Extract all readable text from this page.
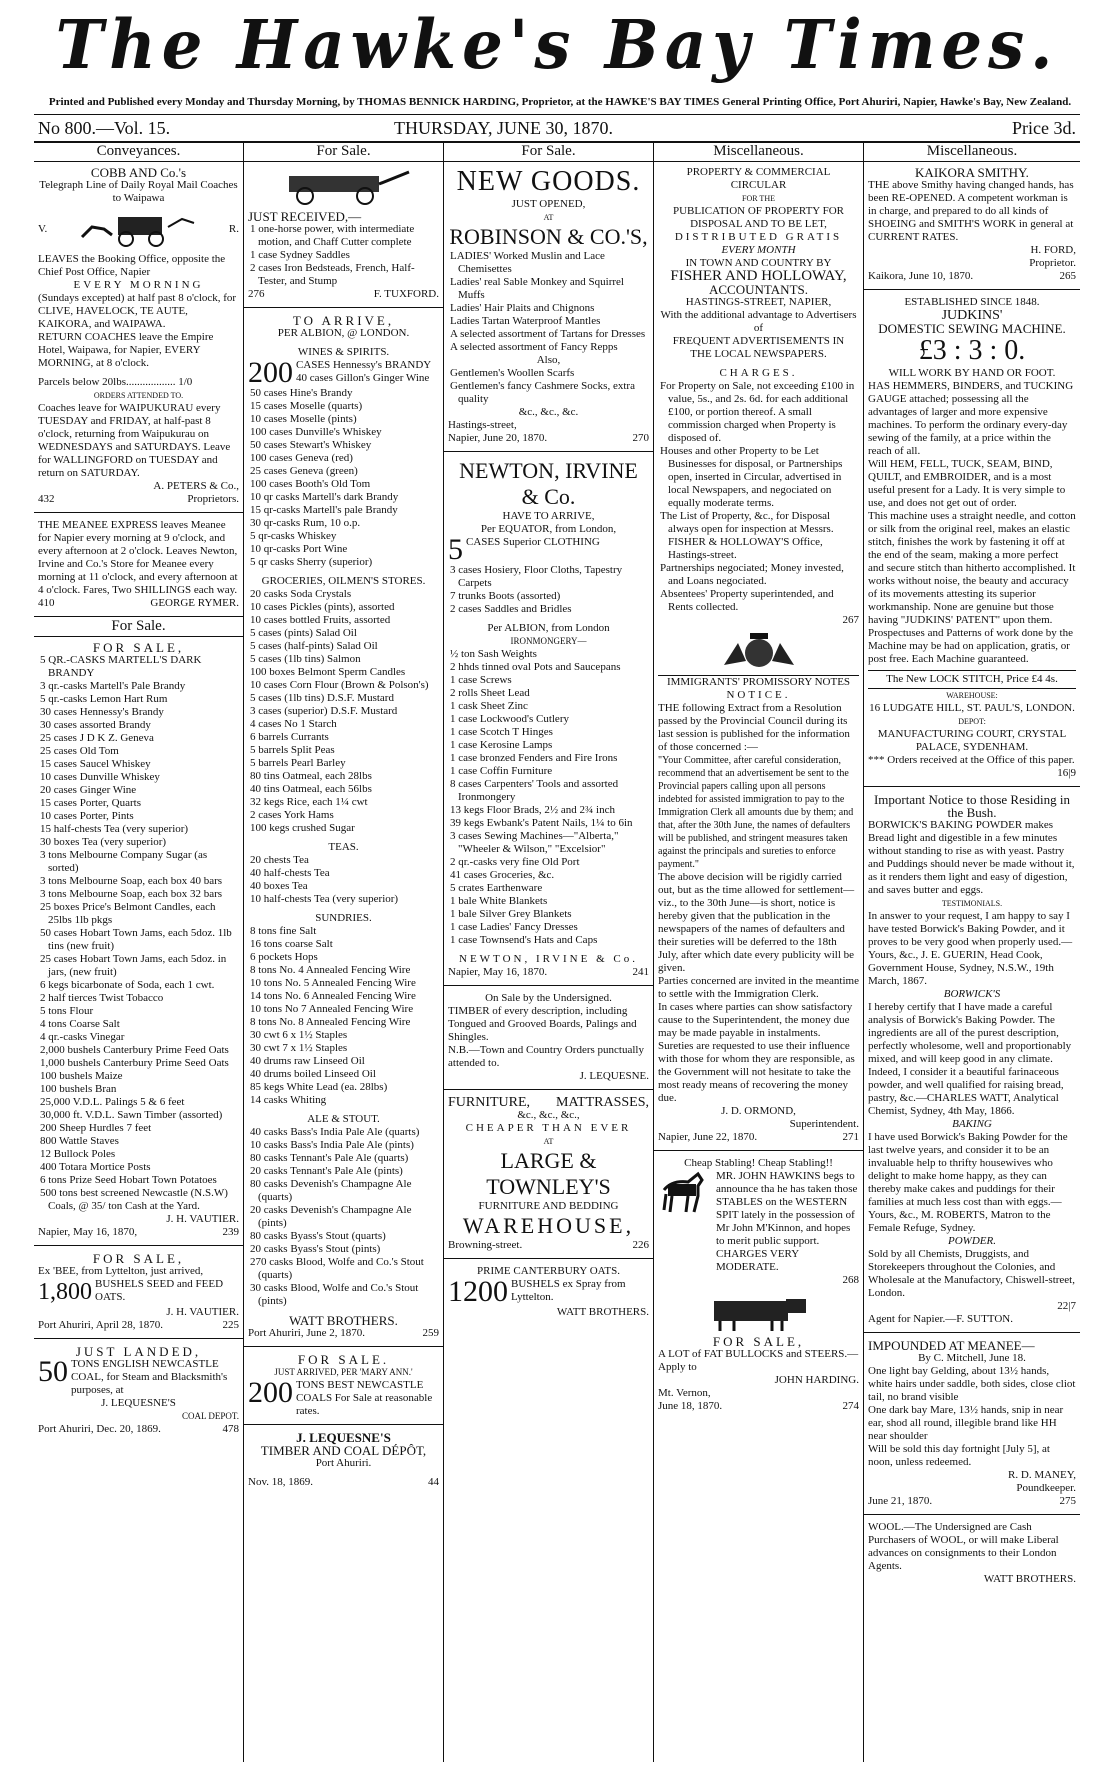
The Hawke's Bay Times.
Printed and Published every Monday and Thursday Morning, by THOMAS BENNICK HARDING, Proprietor, at the HAWKE'S BAY TIMES General Printing Office, Port Ahuriri, Napier, Hawke's Bay, New Zealand.
No 800.—Vol. 15.	THURSDAY, JUNE 30, 1870.	Price 3d.
Conveyances.
COBB AND Co.'s
Telegraph Line of Daily Royal Mail Coaches to Waipawa
V.	R.
LEAVES the Booking Office, opposite the Chief Post Office, Napier
EVERY MORNING
(Sundays excepted) at half past 8 o'clock, for CLIVE, HAVELOCK, TE AUTE, KAIKORA, and WAIPAWA.
RETURN COACHES leave the Empire Hotel, Waipawa, for Napier, EVERY MORNING, at 8 o'clock.
Parcels below 20lbs.................. 1/0
ORDERS ATTENDED TO.
Coaches leave for WAIPUKURAU every TUESDAY and FRIDAY, at half-past 8 o'clock, returning from Waipukurau on WEDNESDAYS and SATURDAYS. Leave for WALLINGFORD on TUESDAY and return on SATURDAY.
A. PETERS & Co.,
432	Proprietors.
THE MEANEE EXPRESS leaves Meanee for Napier every morning at 9 o'clock, and every afternoon at 2 o'clock. Leaves Newton, Irvine and Co.'s Store for Meanee every morning at 11 o'clock, and every afternoon at 4 o'clock. Fares, Two SHILLINGS each way.
410	GEORGE RYMER.
For Sale.
FOR SALE,
5 QR.-CASKS MARTELL'S DARK BRANDY
3 qr.-casks Martell's Pale Brandy
5 qr.-casks Lemon Hart Rum
30 cases Hennessy's Brandy
30 cases assorted Brandy
25 cases J D K Z. Geneva
25 cases Old Tom
15 cases Saucel Whiskey
10 cases Dunville Whiskey
20 cases Ginger Wine
15 cases Porter, Quarts
10 cases Porter, Pints
15 half-chests Tea (very superior)
30 boxes Tea (very superior)
3 tons Melbourne Company Sugar (as sorted)
3 tons Melbourne Soap, each box 40 bars
3 tons Melbourne Soap, each box 32 bars
25 boxes Price's Belmont Candles, each 25lbs 1lb pkgs
50 cases Hobart Town Jams, each 5doz. 1lb tins (new fruit)
25 cases Hobart Town Jams, each 5doz. in jars, (new fruit)
6 kegs bicarbonate of Soda, each 1 cwt.
2 half tierces Twist Tobacco
5 tons Flour
4 tons Coarse Salt
4 qr.-casks Vinegar
2,000 bushels Canterbury Prime Feed Oats
1,000 bushels Canterbury Prime Seed Oats
100 bushels Maize
100 bushels Bran
25,000 V.D.L. Palings 5 & 6 feet
30,000 ft. V.D.L. Sawn Timber (assorted)
200 Sheep Hurdles 7 feet
800 Wattle Staves
12 Bullock Poles
400 Totara Mortice Posts
6 tons Prize Seed Hobart Town Potatoes
500 tons best screened Newcastle (N.S.W) Coals, @ 35/ ton Cash at the Yard.
J. H. VAUTIER.
Napier, May 16, 1870,	239
FOR SALE,
Ex 'BEE, from Lyttelton, just arrived,
1,800 BUSHELS SEED and FEED OATS.
J. H. VAUTIER.
Port Ahuriri, April 28, 1870.	225
JUST LANDED,
50 TONS ENGLISH NEWCASTLE COAL, for Steam and Blacksmith's purposes, at
J. LEQUESNE'S
COAL DEPOT.
Port Ahuriri, Dec. 20, 1869.	478
For Sale.
JUST RECEIVED,—
1 one-horse power, with intermediate motion, and Chaff Cutter complete
1 case Sydney Saddles
2 cases Iron Bedsteads, French, Half-Tester, and Stump
276	F. TUXFORD.
TO ARRIVE,
PER ALBION, @ LONDON.
WINES & SPIRITS.
200 CASES Hennessy's BRANDY 40 cases Gillon's Ginger Wine
50 cases Hine's Brandy
15 cases Moselle (quarts)
10 cases Moselle (pints)
100 cases Dunville's Whiskey
50 cases Stewart's Whiskey
100 cases Geneva (red)
25 cases Geneva (green)
100 cases Booth's Old Tom
10 qr casks Martell's dark Brandy
15 qr-casks Martell's pale Brandy
30 qr-casks Rum, 10 o.p.
5 qr-casks Whiskey
10 qr-casks Port Wine
5 qr casks Sherry (superior)
GROCERIES, OILMEN'S STORES.
20 casks Soda Crystals
10 cases Pickles (pints), assorted
10 cases bottled Fruits, assorted
5 cases (pints) Salad Oil
5 cases (half-pints) Salad Oil
5 cases (1lb tins) Salmon
100 boxes Belmont Sperm Candles
10 cases Corn Flour (Brown & Polson's)
5 cases (1lb tins) D.S.F. Mustard
3 cases (superior) D.S.F. Mustard
4 cases No 1 Starch
6 barrels Currants
5 barrels Split Peas
5 barrels Pearl Barley
80 tins Oatmeal, each 28lbs
40 tins Oatmeal, each 56lbs
32 kegs Rice, each 1¼ cwt
2 cases York Hams
100 kegs crushed Sugar
TEAS.
20 chests Tea
40 half-chests Tea
40 boxes Tea
10 half-chests Tea (very superior)
SUNDRIES.
8 tons fine Salt
16 tons coarse Salt
6 pockets Hops
8 tons No. 4 Annealed Fencing Wire
10 tons No. 5 Annealed Fencing Wire
14 tons No. 6 Annealed Fencing Wire
10 tons No 7 Annealed Fencing Wire
8 tons No. 8 Annealed Fencing Wire
30 cwt 6 x 1½ Staples
30 cwt 7 x 1½ Staples
40 drums raw Linseed Oil
40 drums boiled Linseed Oil
85 kegs White Lead (ea. 28lbs)
14 casks Whiting
ALE & STOUT.
40 casks Bass's India Pale Ale (quarts)
10 casks Bass's India Pale Ale (pints)
80 casks Tennant's Pale Ale (quarts)
20 casks Tennant's Pale Ale (pints)
80 casks Devenish's Champagne Ale (quarts)
20 casks Devenish's Champagne Ale (pints)
80 casks Byass's Stout (quarts)
20 casks Byass's Stout (pints)
270 casks Blood, Wolfe and Co.'s Stout (quarts)
30 casks Blood, Wolfe and Co.'s Stout (pints)
WATT BROTHERS.
Port Ahuriri, June 2, 1870.	259
FOR SALE.
JUST ARRIVED, PER 'MARY ANN.'
200 TONS BEST NEWCASTLE COALS For Sale at reasonable rates.
J. LEQUESNE'S
TIMBER AND COAL DÉPÔT,
Port Ahuriri.
Nov. 18, 1869.	44
For Sale.
NEW GOODS.
JUST OPENED,
AT
ROBINSON & CO.'S,
LADIES' Worked Muslin and Lace Chemisettes
Ladies' real Sable Monkey and Squirrel Muffs
Ladies' Hair Plaits and Chignons
Ladies Tartan Waterproof Mantles
A selected assortment of Tartans for Dresses
A selected assortment of Fancy Repps
Also,
Gentlemen's Woollen Scarfs
Gentlemen's fancy Cashmere Socks, extra quality
&c., &c., &c.
Hastings-street,
Napier, June 20, 1870.	270
NEWTON, IRVINE & Co.
HAVE TO ARRIVE,
Per EQUATOR, from London,
5 CASES Superior CLOTHING
3 cases Hosiery, Floor Cloths, Tapestry Carpets
7 trunks Boots (assorted)
2 cases Saddles and Bridles
Per ALBION, from London
IRONMONGERY—
½ ton Sash Weights
2 hhds tinned oval Pots and Saucepans
1 case Screws
2 rolls Sheet Lead
1 cask Sheet Zinc
1 case Lockwood's Cutlery
1 case Scotch T Hinges
1 case Kerosine Lamps
1 case bronzed Fenders and Fire Irons
1 case Coffin Furniture
8 cases Carpenters' Tools and assorted Ironmongery
13 kegs Floor Brads, 2½ and 2¾ inch
39 kegs Ewbank's Patent Nails, 1¼ to 6in
3 cases Sewing Machines—"Alberta," "Wheeler & Wilson," "Excelsior"
2 qr.-casks very fine Old Port
41 cases Groceries, &c.
5 crates Earthenware
1 bale White Blankets
1 bale Silver Grey Blankets
1 case Ladies' Fancy Dresses
1 case Townsend's Hats and Caps
NEWTON, IRVINE & Co.
Napier, May 16, 1870.	241
On Sale by the Undersigned.
TIMBER of every description, including Tongued and Grooved Boards, Palings and Shingles.
N.B.—Town and Country Orders punctually attended to.
J. LEQUESNE.
FURNITURE, MATTRASSES,
&c., &c., &c.,
CHEAPER THAN EVER
AT
LARGE & TOWNLEY'S
FURNITURE AND BEDDING
WAREHOUSE,
Browning-street.	226
PRIME CANTERBURY OATS.
1200 BUSHELS ex Spray from Lyttelton.
WATT BROTHERS.
Miscellaneous.
PROPERTY & COMMERCIAL CIRCULAR
FOR THE
PUBLICATION OF PROPERTY FOR DISPOSAL AND TO BE LET,
DISTRIBUTED GRATIS
EVERY MONTH
IN TOWN AND COUNTRY BY
FISHER AND HOLLOWAY,
ACCOUNTANTS.
HASTINGS-STREET, NAPIER,
With the additional advantage to Advertisers of
FREQUENT ADVERTISEMENTS IN
THE LOCAL NEWSPAPERS.
CHARGES.
For Property on Sale, not exceeding £100 in value, 5s., and 2s. 6d. for each additional £100, or portion thereof. A small commission charged when Property is disposed of.
Houses and other Property to be Let Businesses for disposal, or Partnerships open, inserted in Circular, advertised in local Newspapers, and negociated on equally moderate terms.
The List of Property, &c., for Disposal always open for inspection at Messrs. FISHER & HOLLOWAY'S Office, Hastings-street.
Partnerships negociated; Money invested, and Loans negociated.
Absentees' Property superintended, and Rents collected.
267
IMMIGRANTS' PROMISSORY NOTES
NOTICE.
THE following Extract from a Resolution passed by the Provincial Council during its last session is published for the information of those concerned :—
"Your Committee, after careful consideration, recommend that an advertisement be sent to the Provincial papers calling upon all persons indebted for assisted immigration to pay to the Immigration Clerk all amounts due by them; and that, after the 30th June, the names of defaulters will be published, and stringent measures taken against the principals and sureties to enforce payment."
The above decision will be rigidly carried out, but as the time allowed for settlement—viz., to the 30th June—is short, notice is hereby given that the publication in the newspapers of the names of defaulters and their sureties will be deferred to the 18th July, after which date every publicity will be given.
Parties concerned are invited in the meantime to settle with the Immigration Clerk.
In cases where parties can show satisfactory cause to the Superintendent, the money due may be made payable in instalments.
Sureties are requested to use their influence with those for whom they are responsible, as the Government will not hesitate to take the most ready means of recovering the money due.
J. D. ORMOND,
Superintendent.
Napier, June 22, 1870.	271
Cheap Stabling! Cheap Stabling!!
MR. JOHN HAWKINS begs to announce tha he has taken those STABLES on the WESTERN SPIT lately in the possession of Mr John M'Kinnon, and hopes to merit public support. CHARGES VERY MODERATE.
268
FOR SALE,
A LOT of FAT BULLOCKS and STEERS.—Apply to
JOHN HARDING.
Mt. Vernon,
June 18, 1870.	274
Miscellaneous.
KAIKORA SMITHY.
THE above Smithy having changed hands, has been RE-OPENED. A competent workman is in charge, and prepared to do all kinds of SHOEING and SMITH'S WORK in general at CURRENT RATES.
H. FORD,
Proprietor.
Kaikora, June 10, 1870.	265
ESTABLISHED SINCE 1848.
JUDKINS'
DOMESTIC SEWING MACHINE.
£3 : 3 : 0.
WILL WORK BY HAND OR FOOT.
HAS HEMMERS, BINDERS, and TUCKING GAUGE attached; possessing all the advantages of larger and more expensive machines. To perform the ordinary every-day sewing of the family, at a price within the reach of all.
Will HEM, FELL, TUCK, SEAM, BIND, QUILT, and EMBROIDER, and is a most useful present for a Lady. It is very simple to use, and does not get out of order.
This machine uses a straight needle, and cotton or silk from the original reel, makes an elastic stitch, finishes the work by fastening it off at the end of the seam, making a more perfect and secure stitch than hitherto accomplished. It works without noise, the beauty and accuracy of its movements attesting its superior workmanship. None are genuine but those having "JUDKINS' PATENT" upon them.
Prospectuses and Patterns of work done by the Machine may be had on application, gratis, or post free. Each Machine guaranteed.
The New LOCK STITCH, Price £4 4s.
WAREHOUSE:
16 LUDGATE HILL, ST. PAUL'S, LONDON.
DEPOT:
MANUFACTURING COURT, CRYSTAL PALACE, SYDENHAM.
*** Orders received at the Office of this paper.
16|9
Important Notice to those Residing in the Bush.
BORWICK'S BAKING POWDER makes Bread light and digestible in a few minutes without standing to rise as with yeast. Pastry and Puddings should never be made without it, as it renders them light and easy of digestion, and saves butter and eggs.
TESTIMONIALS.
In answer to your request, I am happy to say I have tested Borwick's Baking Powder, and it proves to be very good when properly used.—Yours, &c., J. E. GUERIN, Head Cook, Government House, Sydney, N.S.W., 19th March, 1867.
BORWICK'S
I hereby certify that I have made a careful analysis of Borwick's Baking Powder. The ingredients are all of the purest description, perfectly wholesome, well and proportionably mixed, and will keep good in any climate. Indeed, I consider it a beautiful farinaceous powder, and well qualified for raising bread, pastry, &c.—CHARLES WATT, Analytical Chemist, Sydney, 4th May, 1866.
BAKING
I have used Borwick's Baking Powder for the last twelve years, and consider it to be an invaluable help to thrifty housewives who delight to make home happy, as they can thereby make cakes and puddings for their families at much less cost than with eggs.—Yours, &c., M. ROBERTS, Matron to the Female Refuge, Sydney.
POWDER.
Sold by all Chemists, Druggists, and Storekeepers throughout the Colonies, and Wholesale at the Manufactory, Chiswell-street, London.
22|7
Agent for Napier.—F. SUTTON.
IMPOUNDED AT MEANEE—
By C. Mitchell, June 18.
One light bay Gelding, about 13½ hands, white hairs under saddle, both sides, close cliot tail, no brand visible
One dark bay Mare, 13½ hands, snip in near ear, shod all round, illegible brand like HH near shoulder
Will be sold this day fortnight [July 5], at noon, unless redeemed.
R. D. MANEY,
Poundkeeper.
June 21, 1870.	275
WOOL.—The Undersigned are Cash Purchasers of WOOL, or will make Liberal advances on consignments to their London Agents.
WATT BROTHERS.
